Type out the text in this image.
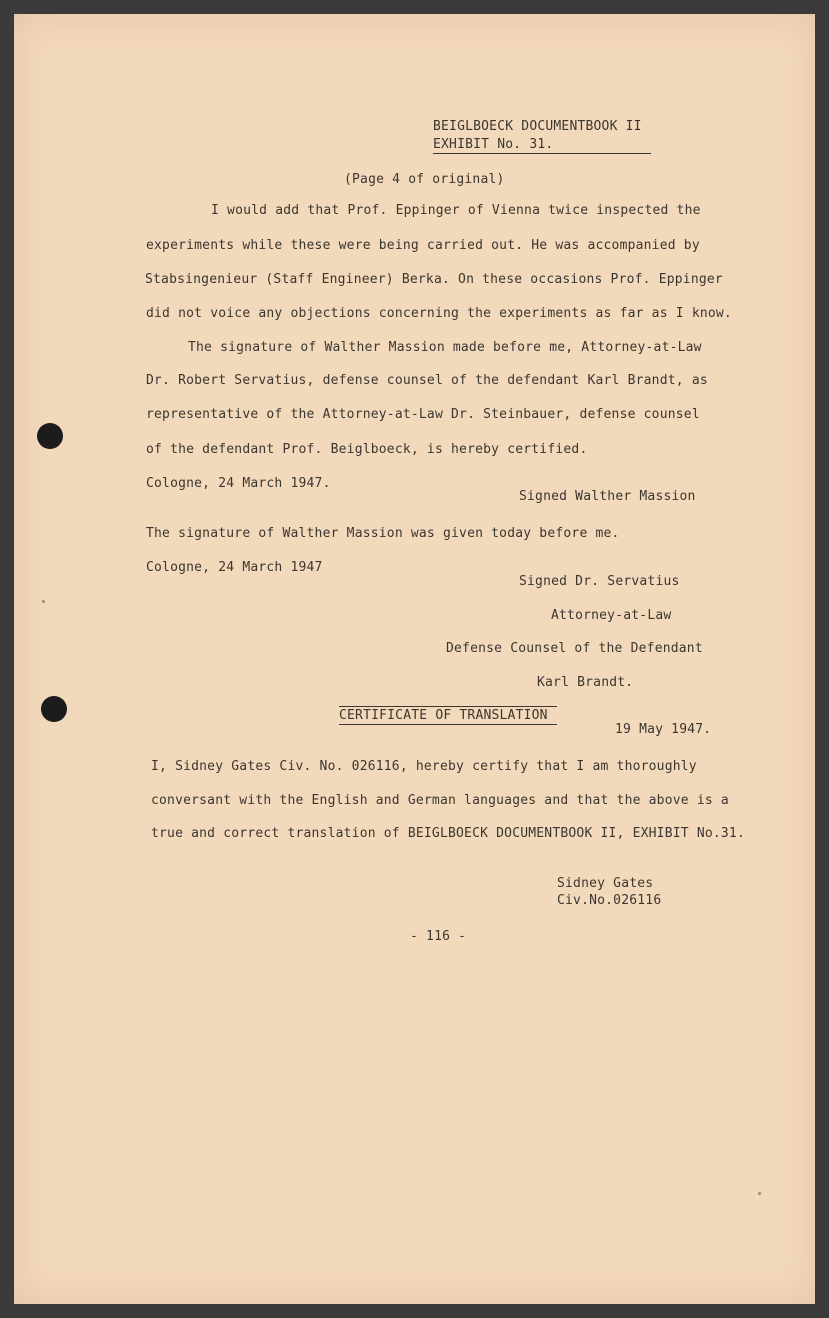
BEIGLBOECK DOCUMENTBOOK II
EXHIBIT No. 31.
(Page 4 of original)
I would add that Prof. Eppinger of Vienna twice inspected the
experiments while these were being carried out. He was accompanied by
Stabsingenieur (Staff Engineer) Berka. On these occasions Prof. Eppinger
did not voice any objections concerning the experiments as far as I know.
The signature of Walther Massion made before me, Attorney-at-Law
Dr. Robert Servatius, defense counsel of the defendant Karl Brandt, as
representative of the Attorney-at-Law Dr. Steinbauer, defense counsel
of the defendant Prof. Beiglboeck, is hereby certified.
Cologne, 24 March 1947.
Signed Walther Massion
The signature of Walther Massion was given today before me.
Cologne, 24 March 1947
Signed Dr. Servatius
Attorney-at-Law
Defense Counsel of the Defendant
Karl Brandt.
CERTIFICATE OF TRANSLATION
19 May 1947.
I, Sidney Gates Civ. No. 026116, hereby certify that I am thoroughly
conversant with the English and German languages and that the above is a
true and correct translation of BEIGLBOECK DOCUMENTBOOK II, EXHIBIT No.31.
Sidney Gates
Civ.No.026116
- 116 -
